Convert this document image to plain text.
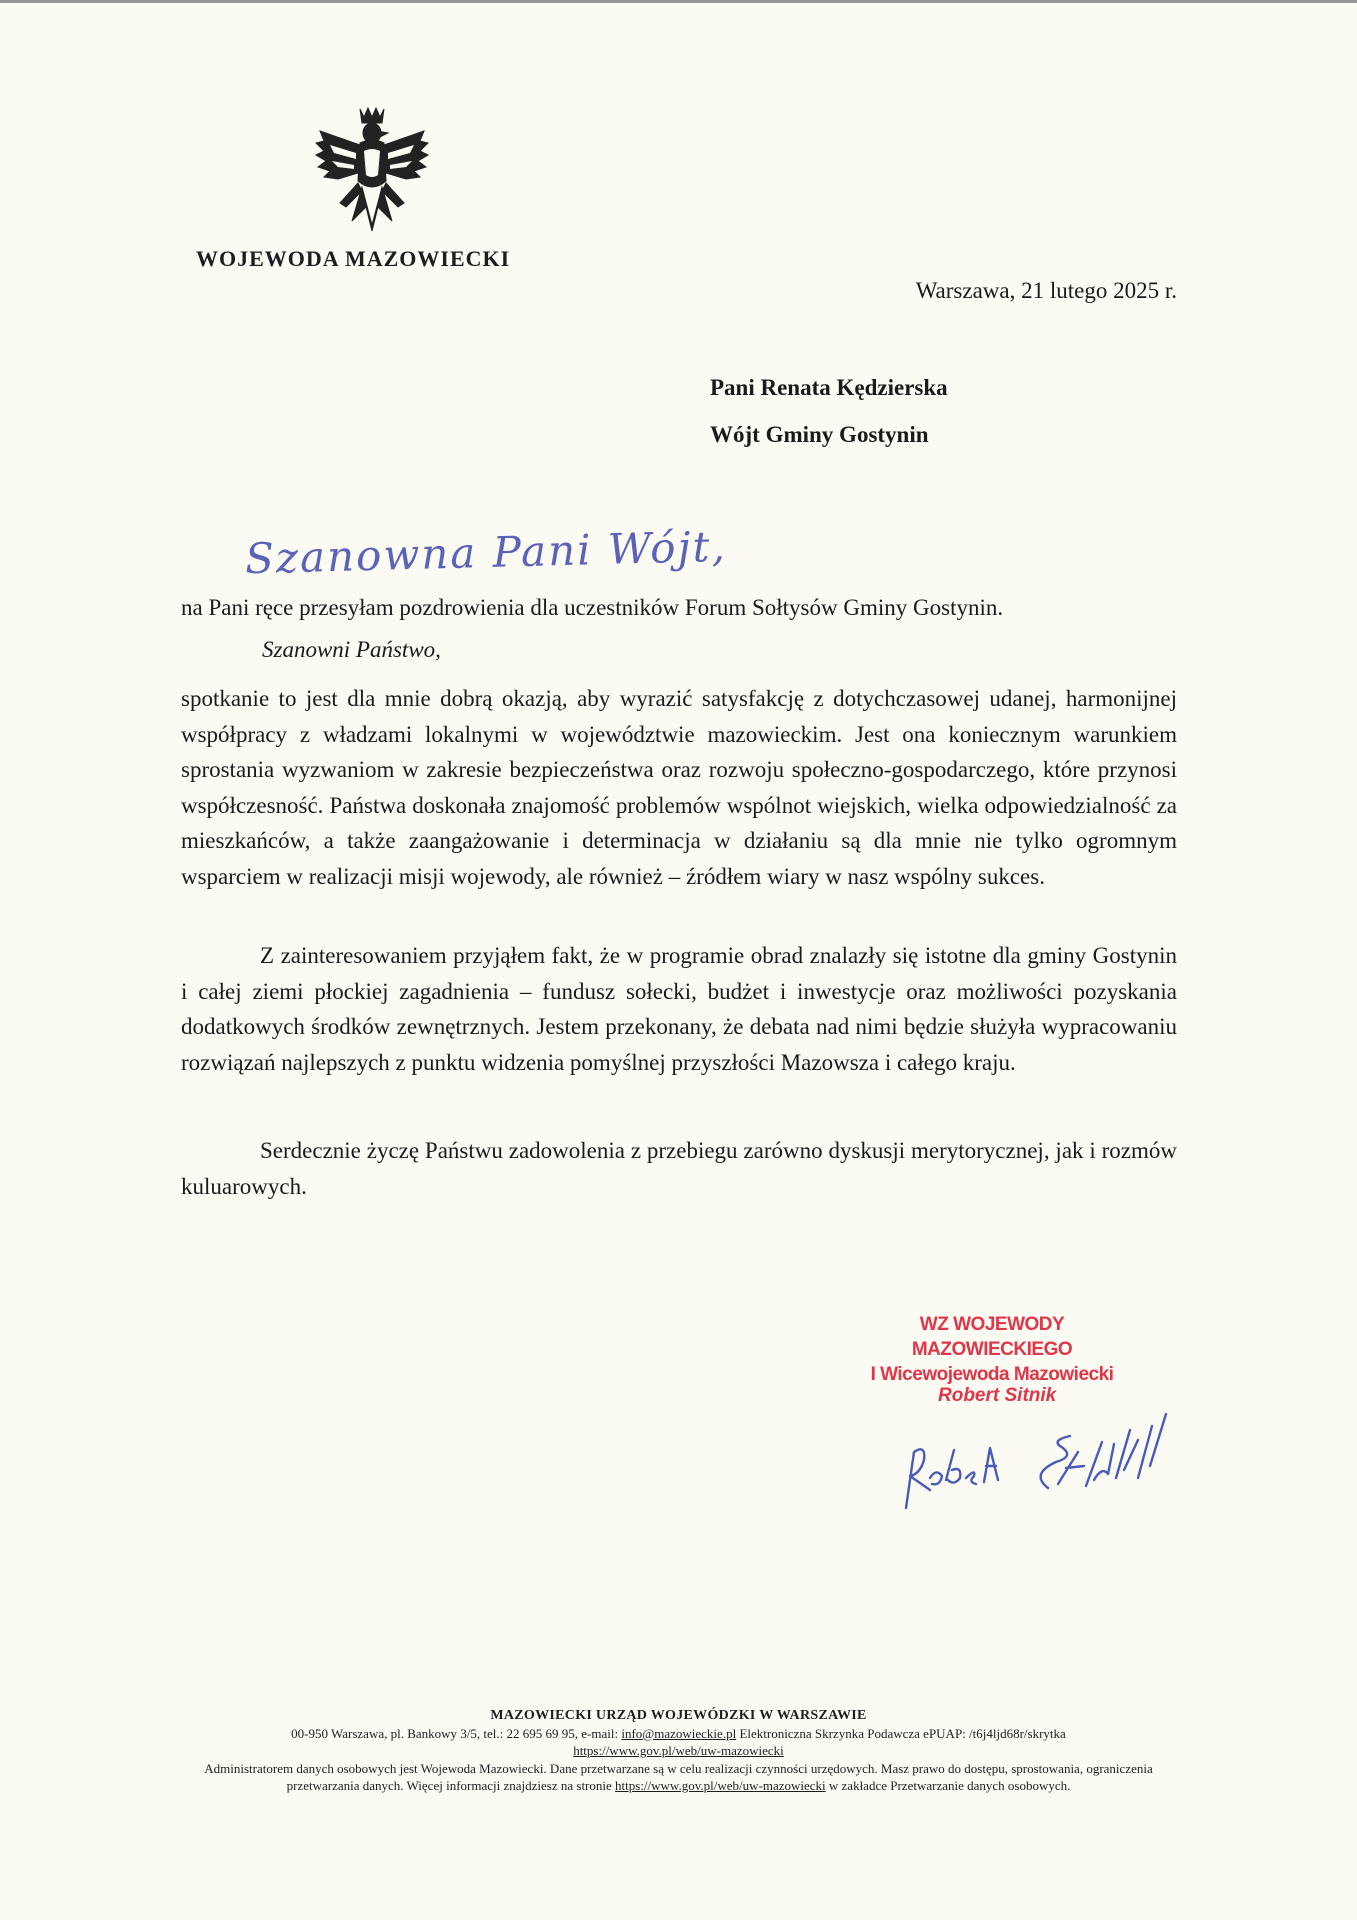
WOJEWODA MAZOWIECKI
Warszawa, 21 lutego 2025 r.
Pani Renata Kędzierska
Wójt Gminy Gostynin
Szanowna Pani Wójt,
na Pani ręce przesyłam pozdrowienia dla uczestników Forum Sołtysów Gminy Gostynin.
Szanowni Państwo,
spotkanie to jest dla mnie dobrą okazją, aby wyrazić satysfakcję z dotychczasowej udanej, harmonijnej współpracy z władzami lokalnymi w województwie mazowieckim. Jest ona koniecznym warunkiem sprostania wyzwaniom w zakresie bezpieczeństwa oraz rozwoju społeczno-gospodarczego, które przynosi współczesność. Państwa doskonała znajomość problemów wspólnot wiejskich, wielka odpowiedzialność za mieszkańców, a także zaangażowanie i determinacja w działaniu są dla mnie nie tylko ogromnym wsparciem w realizacji misji wojewody, ale również – źródłem wiary w nasz wspólny sukces.
Z zainteresowaniem przyjąłem fakt, że w programie obrad znalazły się istotne dla gminy Gostynin i całej ziemi płockiej zagadnienia – fundusz sołecki, budżet i inwestycje oraz możliwości pozyskania dodatkowych środków zewnętrznych. Jestem przekonany, że debata nad nimi będzie służyła wypracowaniu rozwiązań najlepszych z punktu widzenia pomyślnej przyszłości Mazowsza i całego kraju.
Serdecznie życzę Państwu zadowolenia z przebiegu zarówno dyskusji merytorycznej, jak i rozmów kuluarowych.
WZ WOJEWODY MAZOWIECKIEGO
I Wicewojewoda Mazowiecki
Robert Sitnik
MAZOWIECKI URZĄD WOJEWÓDZKI W WARSZAWIE
00-950 Warszawa, pl. Bankowy 3/5, tel.: 22 695 69 95, e-mail: info@mazowieckie.pl Elektroniczna Skrzynka Podawcza ePUAP: /t6j4ljd68r/skrytka
https://www.gov.pl/web/uw-mazowiecki
Administratorem danych osobowych jest Wojewoda Mazowiecki. Dane przetwarzane są w celu realizacji czynności urzędowych. Masz prawo do dostępu, sprostowania, ograniczenia przetwarzania danych. Więcej informacji znajdziesz na stronie https://www.gov.pl/web/uw-mazowiecki w zakładce Przetwarzanie danych osobowych.
